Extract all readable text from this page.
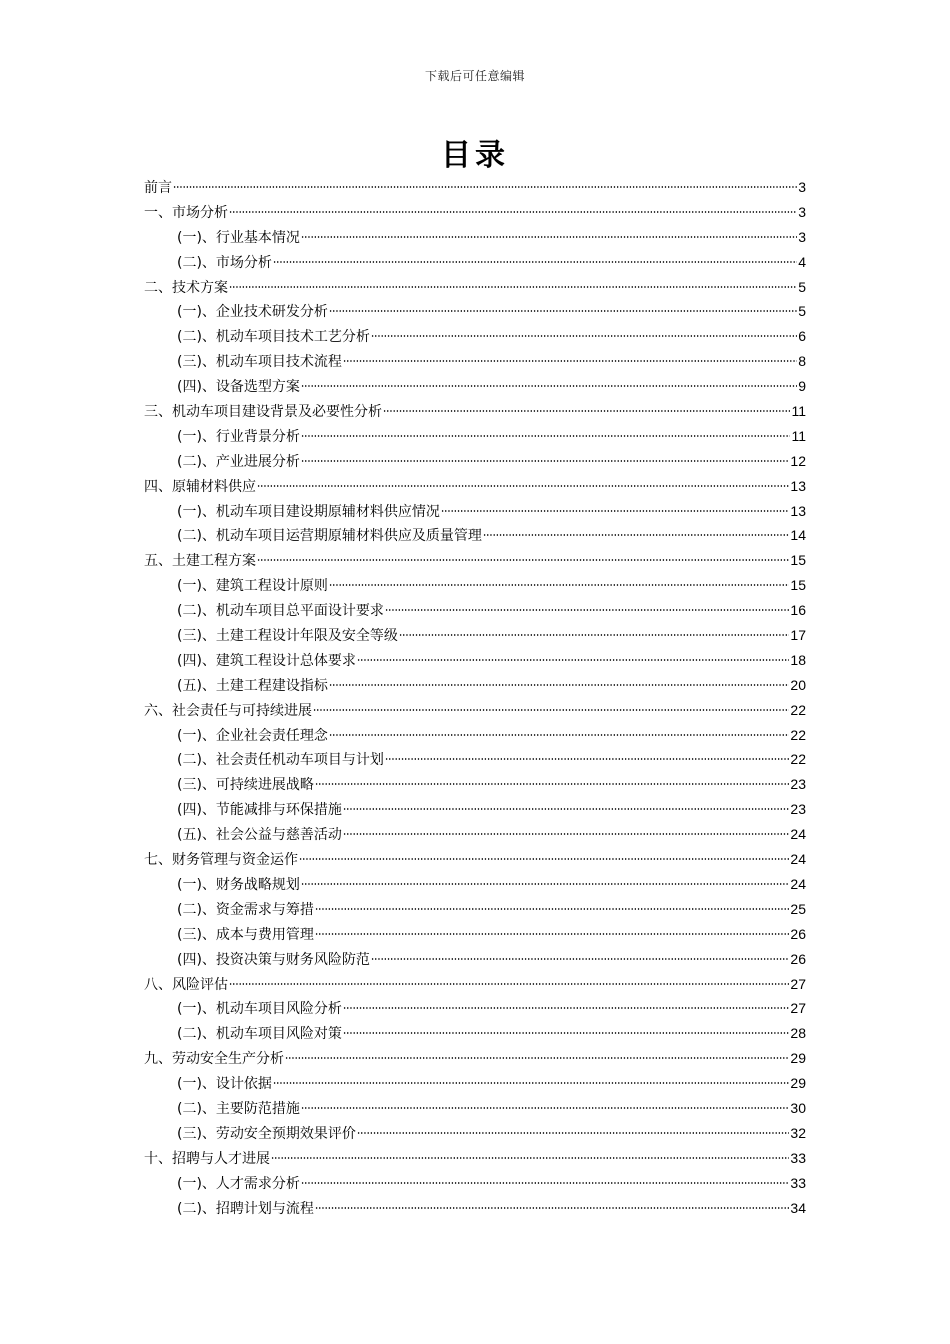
下载后可任意编辑
目录
前言	3
一、市场分析	3
(一)、行业基本情况	3
(二)、市场分析	4
二、技术方案	5
(一)、企业技术研发分析	5
(二)、机动车项目技术工艺分析	6
(三)、机动车项目技术流程	8
(四)、设备选型方案	9
三、机动车项目建设背景及必要性分析	11
(一)、行业背景分析	11
(二)、产业进展分析	12
四、原辅材料供应	13
(一)、机动车项目建设期原辅材料供应情况	13
(二)、机动车项目运营期原辅材料供应及质量管理	14
五、土建工程方案	15
(一)、建筑工程设计原则	15
(二)、机动车项目总平面设计要求	16
(三)、土建工程设计年限及安全等级	17
(四)、建筑工程设计总体要求	18
(五)、土建工程建设指标	20
六、社会责任与可持续进展	22
(一)、企业社会责任理念	22
(二)、社会责任机动车项目与计划	22
(三)、可持续进展战略	23
(四)、节能减排与环保措施	23
(五)、社会公益与慈善活动	24
七、财务管理与资金运作	24
(一)、财务战略规划	24
(二)、资金需求与筹措	25
(三)、成本与费用管理	26
(四)、投资决策与财务风险防范	26
八、风险评估	27
(一)、机动车项目风险分析	27
(二)、机动车项目风险对策	28
九、劳动安全生产分析	29
(一)、设计依据	29
(二)、主要防范措施	30
(三)、劳动安全预期效果评价	32
十、招聘与人才进展	33
(一)、人才需求分析	33
(二)、招聘计划与流程	34
